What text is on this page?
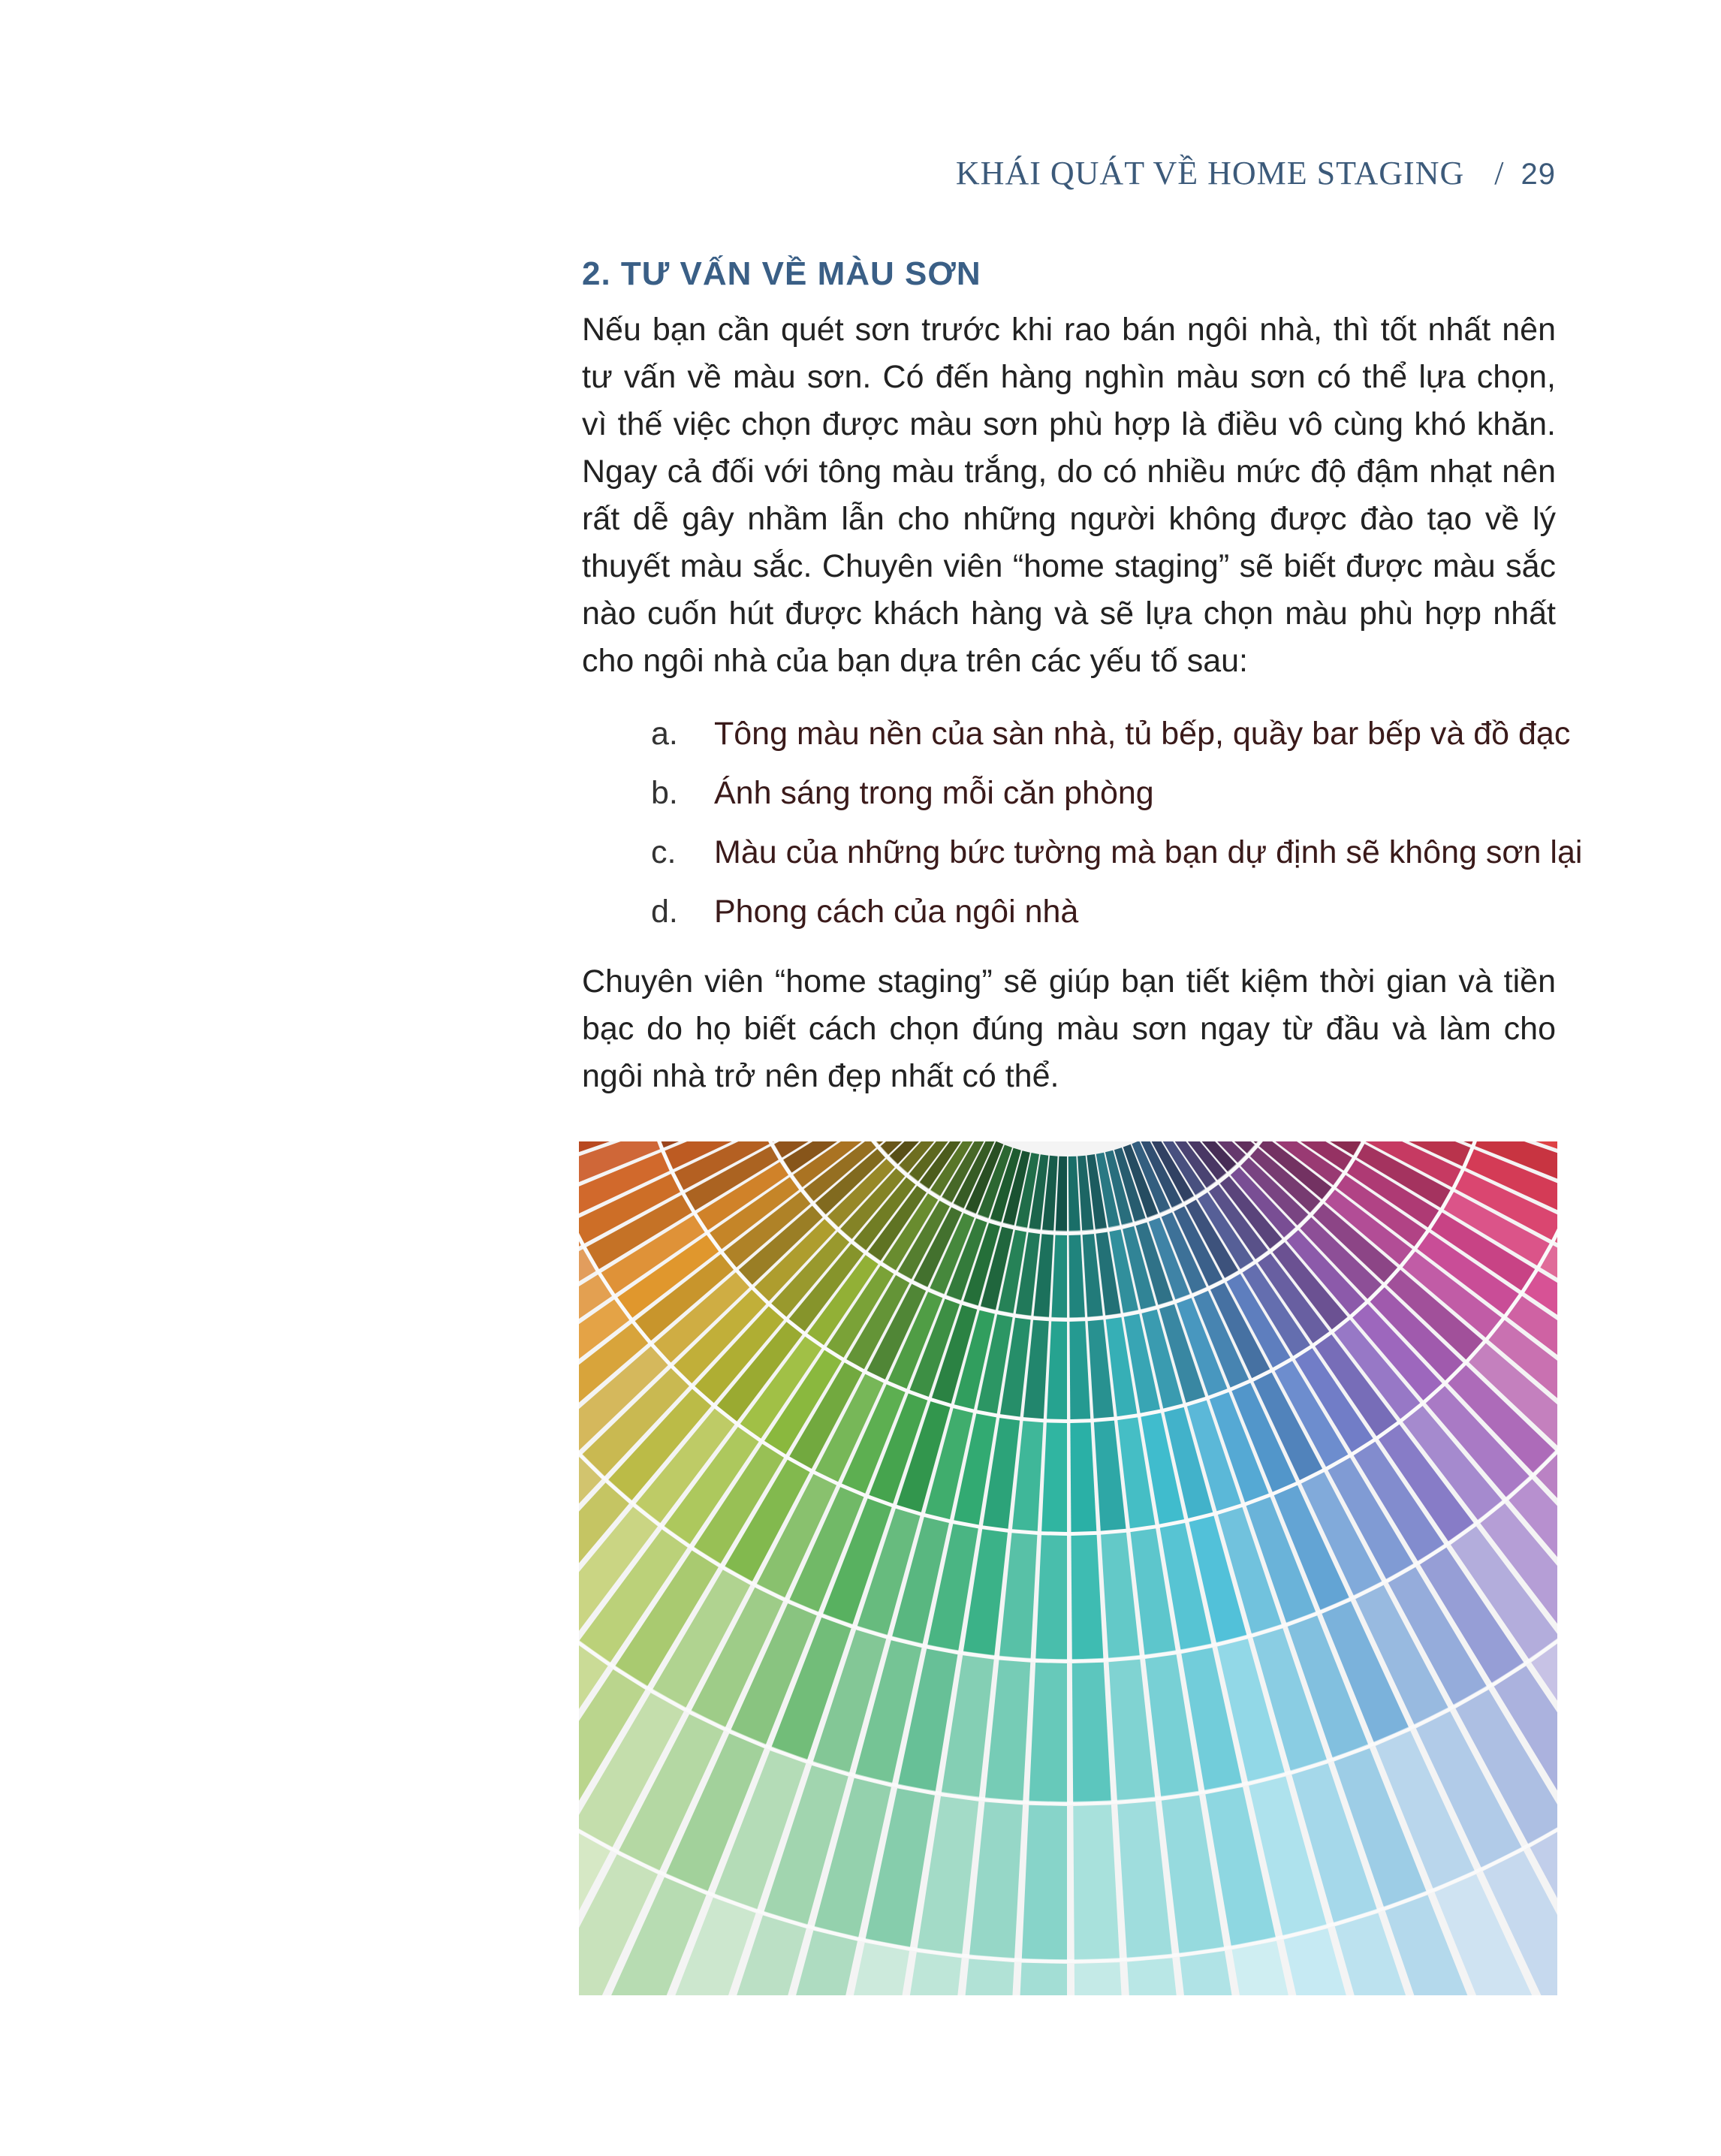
KHÁI QUÁT VỀ HOME STAGING / 29
2. TƯ VẤN VỀ MÀU SƠN

Nếu bạn cần quét sơn trước khi rao bán ngôi nhà, thì tốt nhất nên tư vấn về màu sơn. Có đến hàng nghìn màu sơn có thể lựa chọn, vì thế việc chọn được màu sơn phù hợp là điều vô cùng khó khăn. Ngay cả đối với tông màu trắng, do có nhiều mức độ đậm nhạt nên rất dễ gây nhầm lẫn cho những người không được đào tạo về lý thuyết màu sắc. Chuyên viên “home staging” sẽ biết được màu sắc nào cuốn hút được khách hàng và sẽ lựa chọn màu phù hợp nhất cho ngôi nhà của bạn dựa trên các yếu tố sau:

a.	Tông màu nền của sàn nhà, tủ bếp, quầy bar bếp và đồ đạc
b.	Ánh sáng trong mỗi căn phòng
c.	Màu của những bức tường mà bạn dự định sẽ không sơn lại
d.	Phong cách của ngôi nhà

Chuyên viên “home staging” sẽ giúp bạn tiết kiệm thời gian và tiền bạc do họ biết cách chọn đúng màu sơn ngay từ đầu và làm cho ngôi nhà trở nên đẹp nhất có thể.
